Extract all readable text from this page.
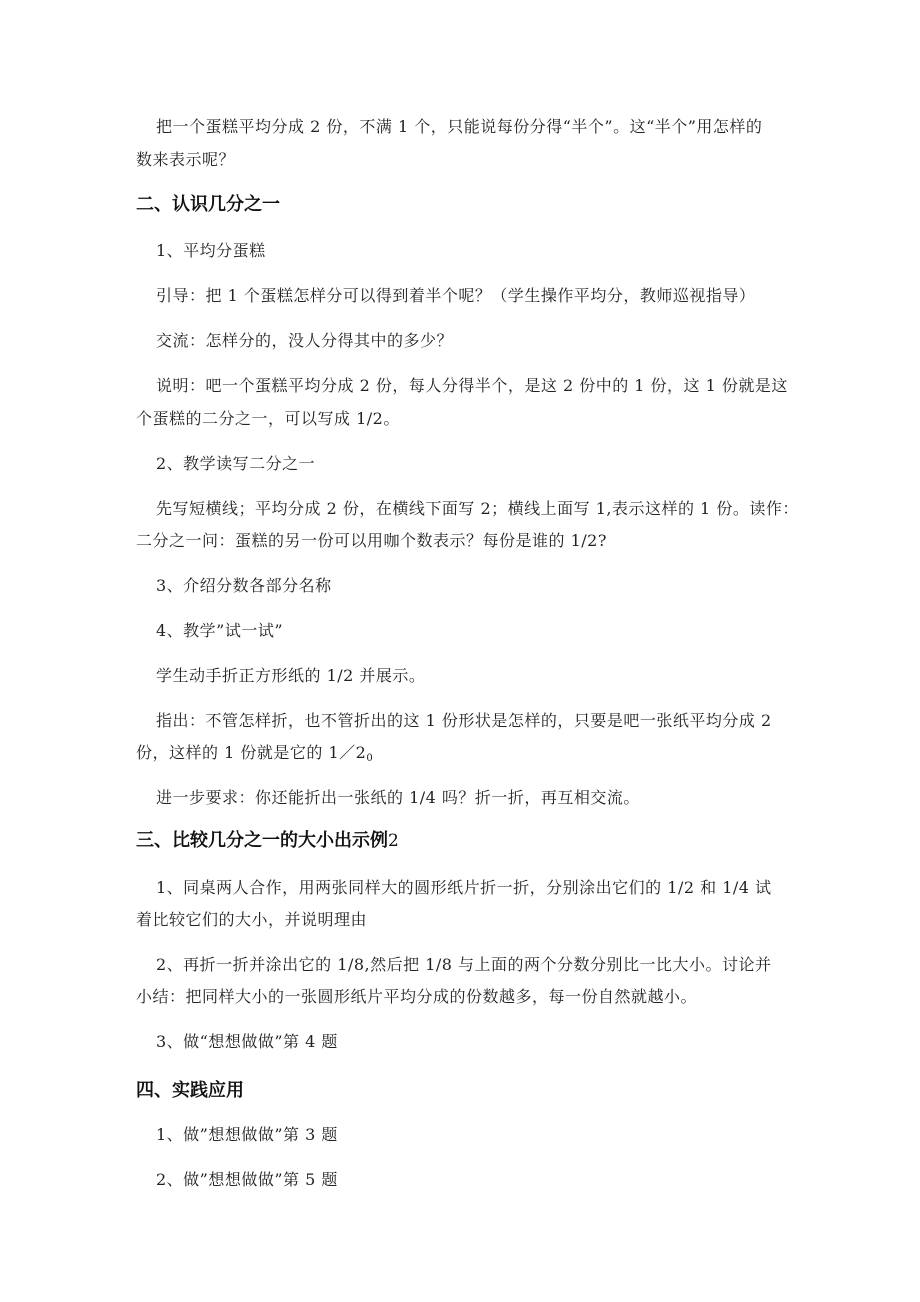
把一个蛋糕平均分成 2 份，不满 1 个，只能说每份分得“半个”。这“半个”用怎样的
数来表示呢？
二、认识几分之一
1、平均分蛋糕
引导：把 1 个蛋糕怎样分可以得到着半个呢？（学生操作平均分，教师巡视指导）
交流：怎样分的，没人分得其中的多少？
说明：吧一个蛋糕平均分成 2 份，每人分得半个，是这 2 份中的 1 份，这 1 份就是这
个蛋糕的二分之一，可以写成 1/2。
2、教学读写二分之一
先写短横线；平均分成 2 份，在横线下面写 2；横线上面写 1,表示这样的 1 份。读作：
二分之一问：蛋糕的另一份可以用咖个数表示？每份是谁的 1/2?
3、介绍分数各部分名称
4、教学”试一试”
学生动手折正方形纸的 1/2 并展示。
指出：不管怎样折，也不管折出的这 1 份形状是怎样的，只要是吧一张纸平均分成 2
份，这样的 1 份就是它的 $1/2_0$
进一步要求：你还能折出一张纸的 1/4 吗？折一折，再互相交流。
三、比较几分之一的大小出示例2
1、同桌两人合作，用两张同样大的圆形纸片折一折，分别涂出它们的 1/2 和 1/4 试
着比较它们的大小，并说明理由
2、再折一折并涂出它的 1/8,然后把 1/8 与上面的两个分数分别比一比大小。讨论并
小结：把同样大小的一张圆形纸片平均分成的份数越多，每一份自然就越小。
3、做“想想做做”第 4 题
四、实践应用
1、做”想想做做”第 3 题
2、做”想想做做”第 5 题
